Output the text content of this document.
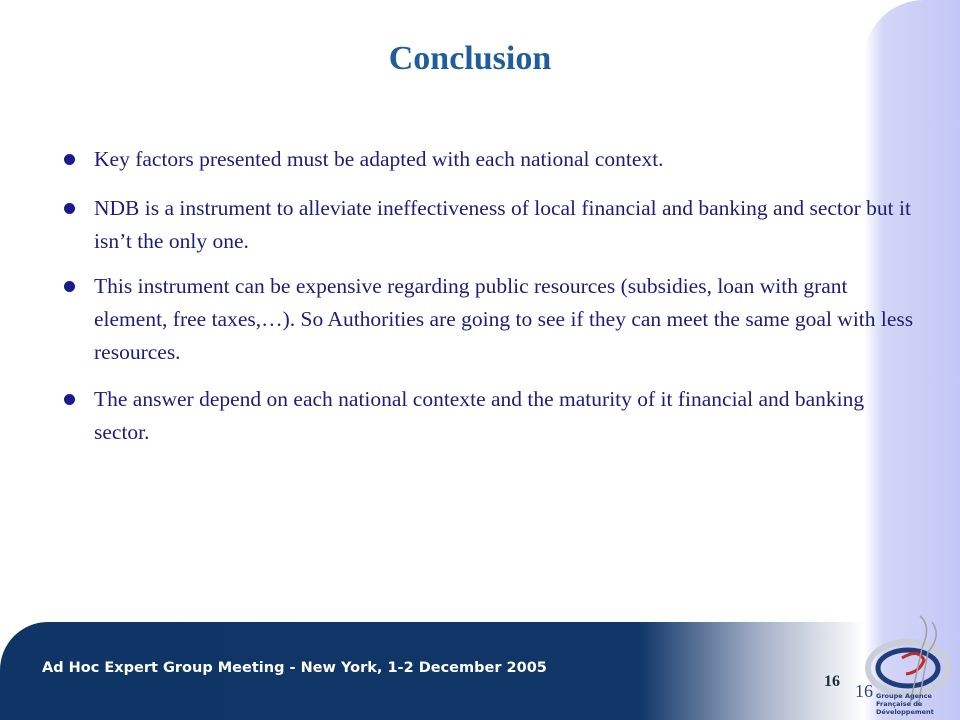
Conclusion
Key factors presented must be adapted with each national context.
NDB is a instrument to alleviate ineffectiveness of local financial and banking and sector but it isn’t the only one.
This instrument can be expensive regarding public resources (subsidies, loan with grant element, free taxes,…). So Authorities are going to see if they can meet the same goal with less resources.
The answer depend on each national contexte and the maturity of it financial and banking sector.
Ad Hoc Expert Group Meeting - New York, 1-2 December 2005
16 16 Groupe Agence
Française de
Développement
